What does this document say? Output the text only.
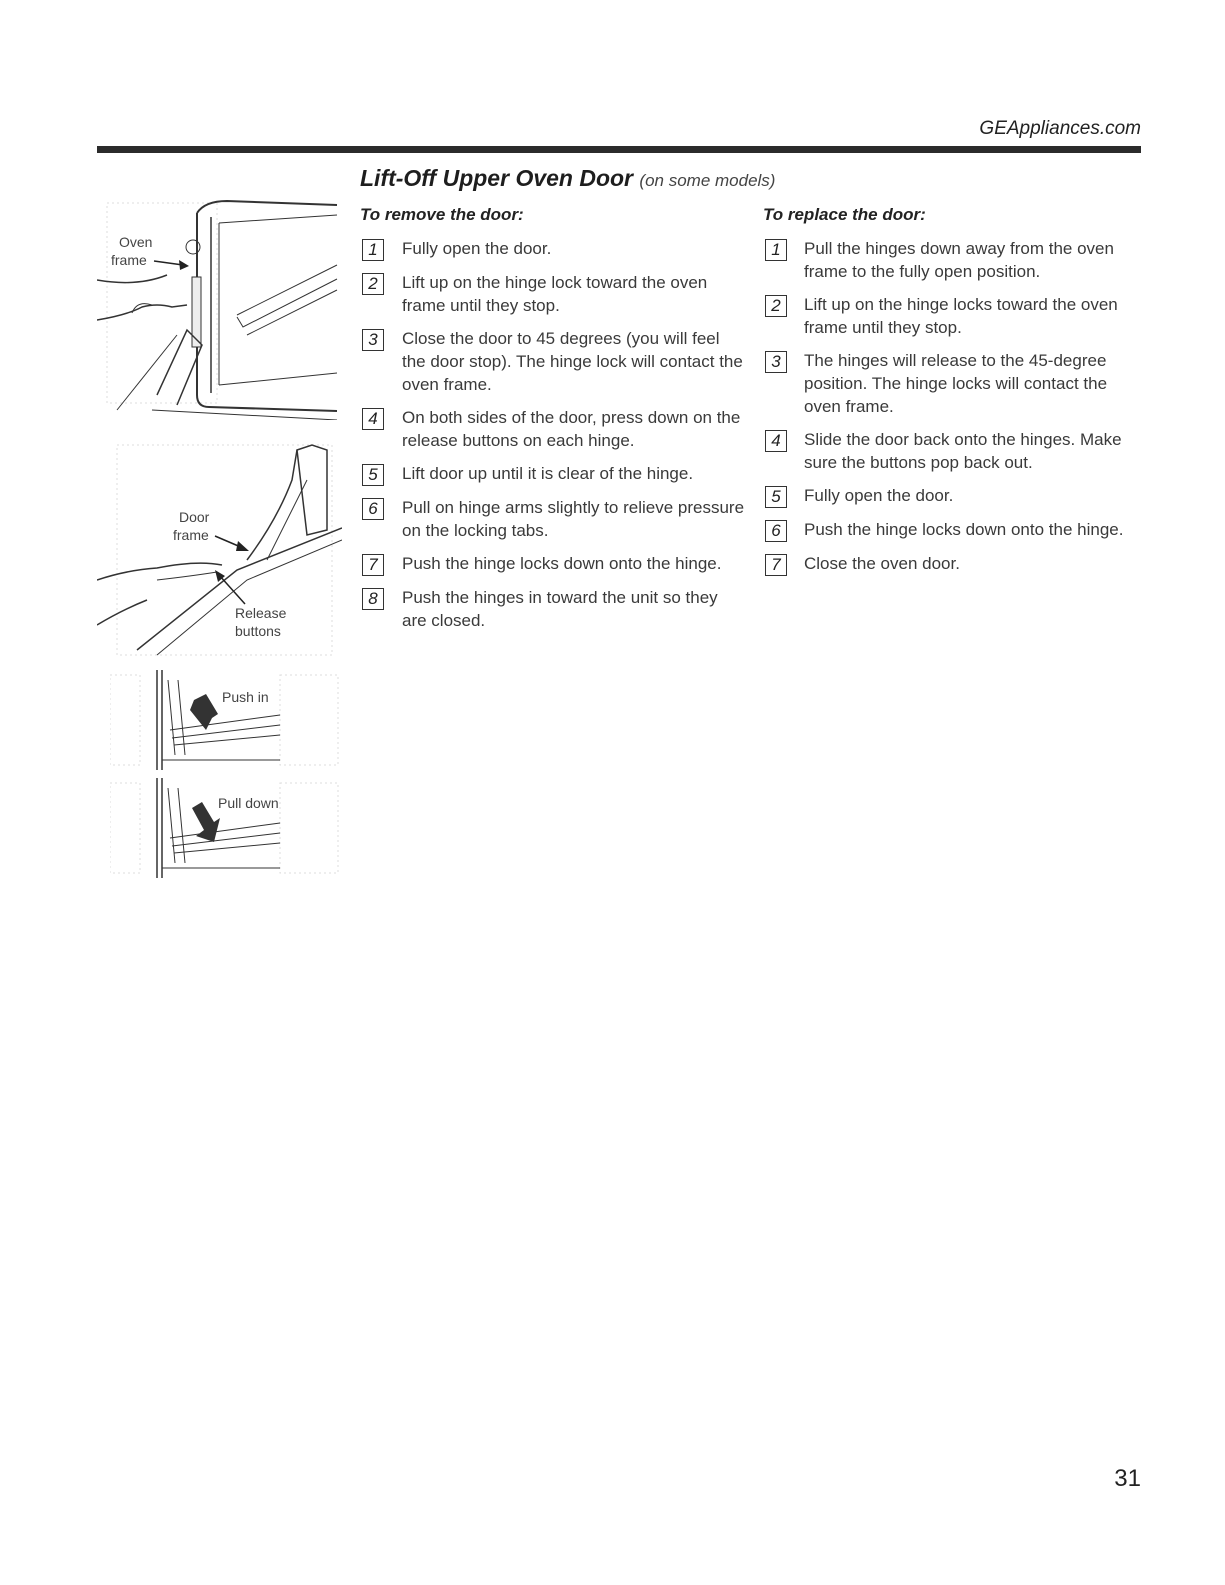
GEAppliances.com
Lift-Off Upper Oven Door (on some models)
Oven
frame
Door
frame
Release
buttons
Push in
Pull down
To remove the door:
1	Fully open the door.
2	Lift up on the hinge lock toward the oven frame until they stop.
3	Close the door to 45 degrees (you will feel the door stop). The hinge lock will contact the oven frame.
4	On both sides of the door, press down on the release buttons on each hinge.
5	Lift door up until it is clear of the hinge.
6	Pull on hinge arms slightly to relieve pressure on the locking tabs.
7	Push the hinge locks down onto the hinge.
8	Push the hinges in toward the unit so they are closed.
To replace the door:
1	Pull the hinges down away from the oven frame to the fully open position.
2	Lift up on the hinge locks toward the oven frame until they stop.
3	The hinges will release to the 45-degree position. The hinge locks will contact the oven frame.
4	Slide the door back onto the hinges. Make sure the buttons pop back out.
5	Fully open the door.
6	Push the hinge locks down onto the hinge.
7	Close the oven door.
31
